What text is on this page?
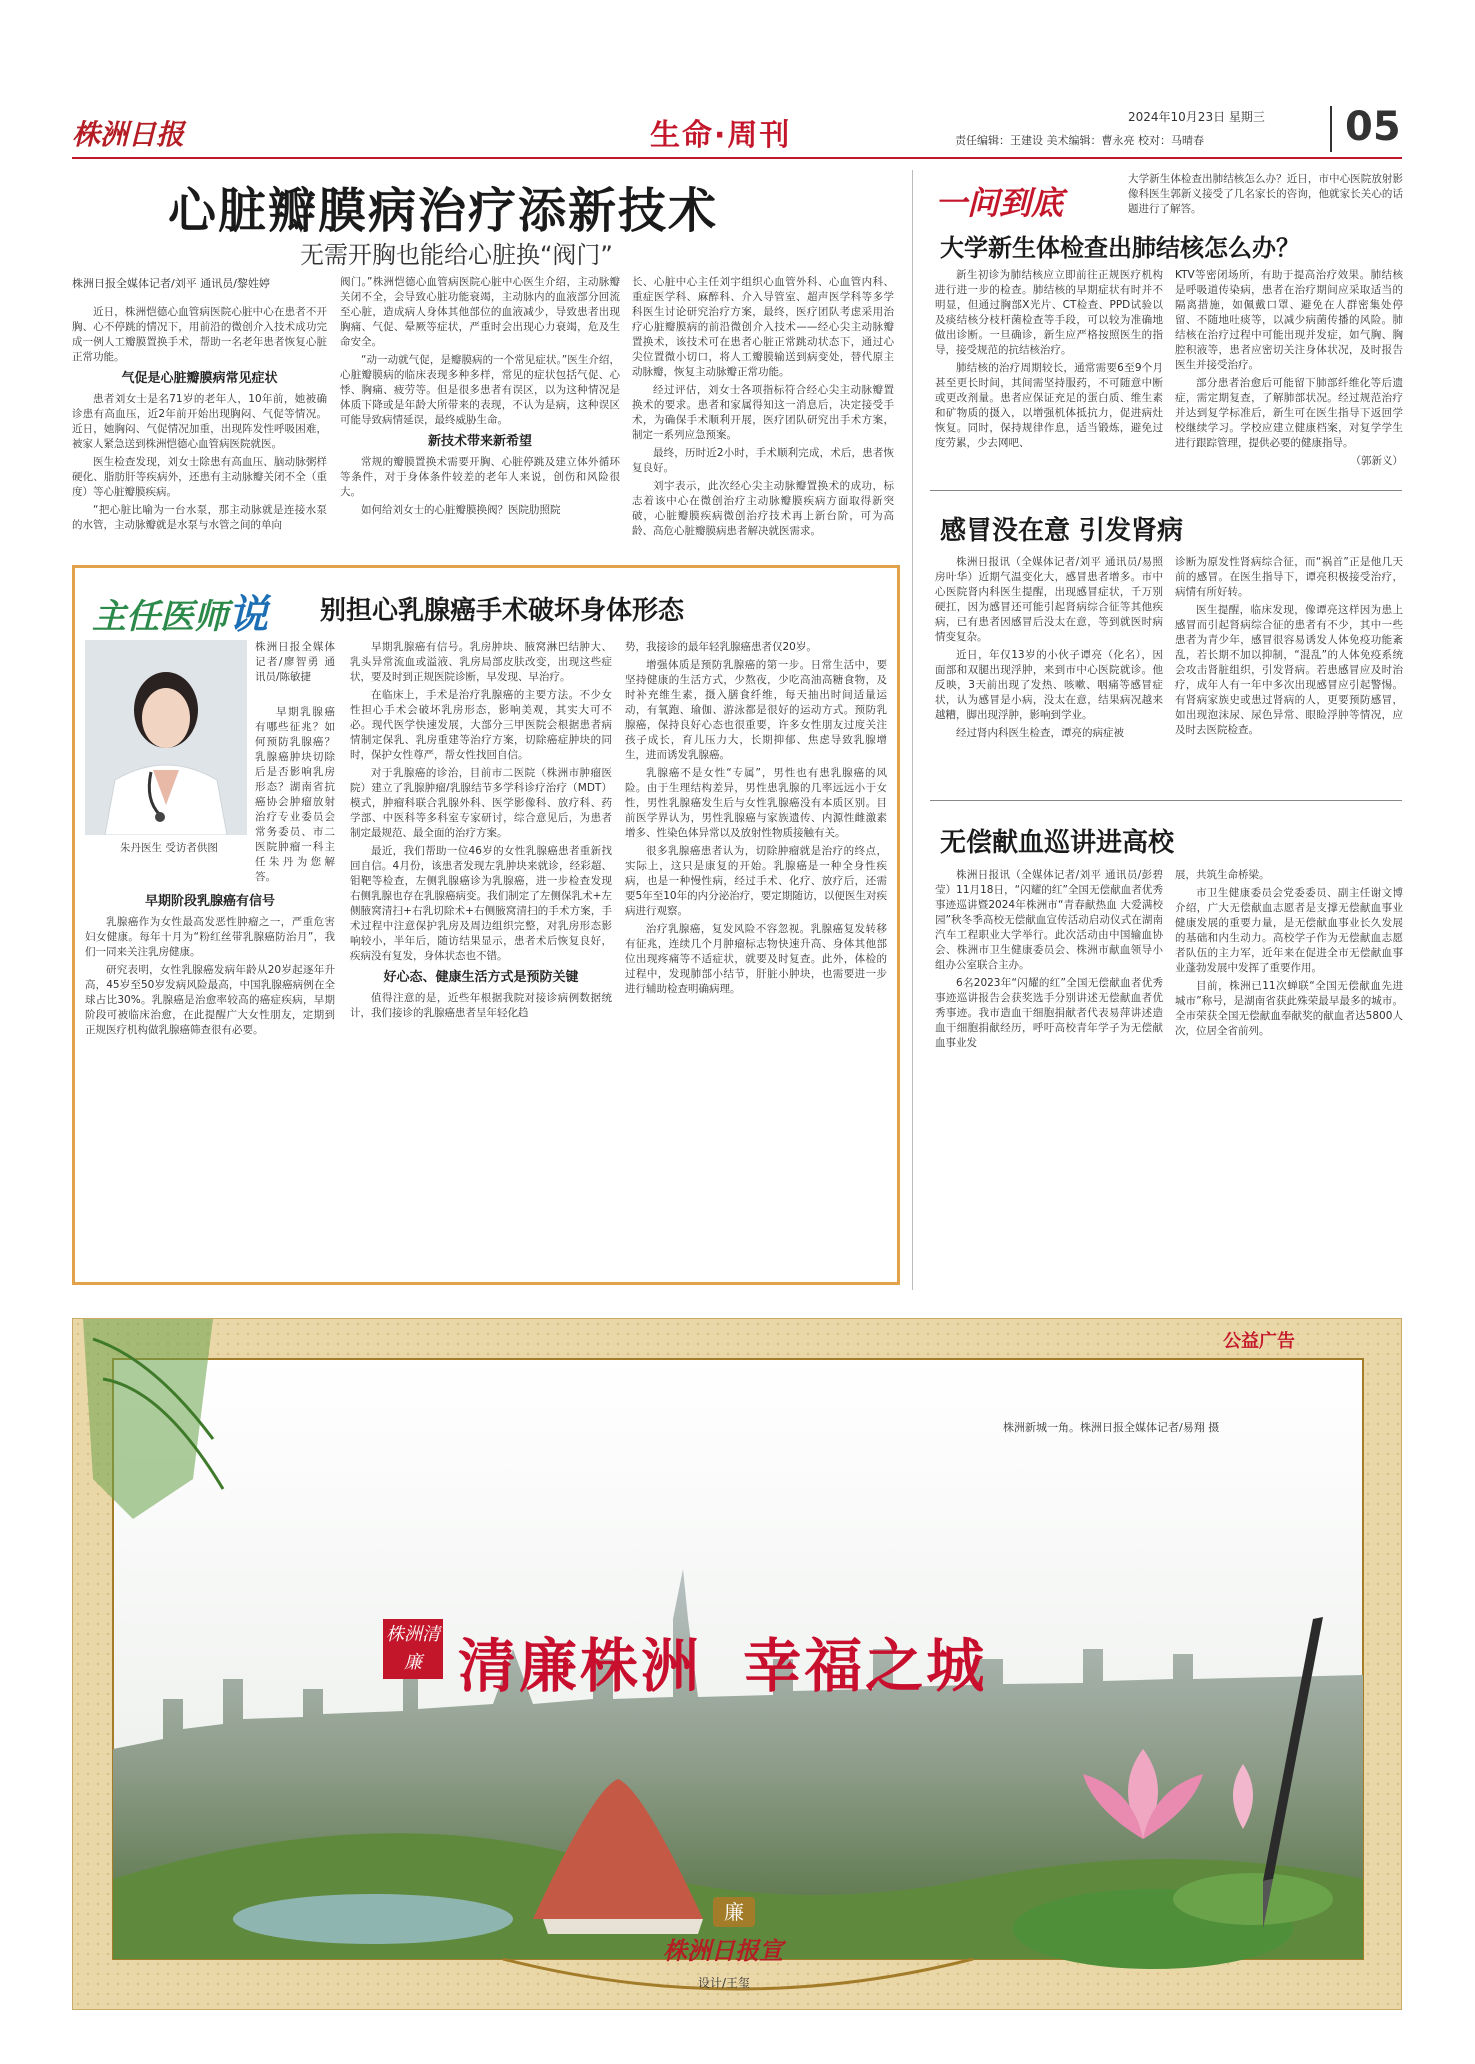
株洲日报	生命·周刊
2024年10月23日 星期三
责任编辑：王建设 美术编辑：曹永亮 校对：马晴春	05
心脏瓣膜病治疗添新技术
无需开胸也能给心脏换“阀门”
株洲日报全媒体记者/刘平 通讯员/黎姓婷

近日，株洲恺德心血管病医院心脏中心在患者不开胸、心不停跳的情况下，用前沿的微创介入技术成功完成一例人工瓣膜置换手术，帮助一名老年患者恢复心脏正常功能。

气促是心脏瓣膜病常见症状

患者刘女士是名71岁的老年人，10年前，她被确诊患有高血压，近2年前开始出现胸闷、气促等情况。近日，她胸闷、气促情况加重，出现阵发性呼吸困难，被家人紧急送到株洲恺德心血管病医院就医。

医生检查发现，刘女士除患有高血压、脑动脉粥样硬化、脂肪肝等疾病外，还患有主动脉瓣关闭不全（重度）等心脏瓣膜疾病。

“把心脏比喻为一台水泵，那主动脉就是连接水泵的水管，主动脉瓣就是水泵与水管之间的单向

阀门。”株洲恺德心血管病医院心脏中心医生介绍，主动脉瓣关闭不全，会导致心脏功能衰竭，主动脉内的血液部分回流至心脏，造成病人身体其他部位的血液减少，导致患者出现胸痛、气促、晕厥等症状，严重时会出现心力衰竭，危及生命安全。

“动一动就气促，是瓣膜病的一个常见症状。”医生介绍，心脏瓣膜病的临床表现多种多样，常见的症状包括气促、心悸、胸痛、疲劳等。但是很多患者有误区，以为这种情况是体质下降或是年龄大所带来的表现，不认为是病，这种误区可能导致病情延误，最终威胁生命。

新技术带来新希望

常规的瓣膜置换术需要开胸、心脏停跳及建立体外循环等条件，对于身体条件较差的老年人来说，创伤和风险很大。

如何给刘女士的心脏瓣膜换阀？医院肋照院

长、心脏中心主任刘宇组织心血管外科、心血管内科、重症医学科、麻醉科、介入导管室、超声医学科等多学科医生讨论研究治疗方案，最终，医疗团队考虑采用治疗心脏瓣膜病的前沿微创介入技术——经心尖主动脉瓣置换术，该技术可在患者心脏正常跳动状态下，通过心尖位置微小切口，将人工瓣膜输送到病变处，替代原主动脉瓣，恢复主动脉瓣正常功能。

经过评估，刘女士各项指标符合经心尖主动脉瓣置换术的要求。患者和家属得知这一消息后，决定接受手术，为确保手术顺利开展，医疗团队研究出手术方案，制定一系列应急预案。

最终，历时近2小时，手术顺利完成，术后，患者恢复良好。

刘宇表示，此次经心尖主动脉瓣置换术的成功，标志着该中心在微创治疗主动脉瓣膜疾病方面取得新突破，心脏瓣膜疾病微创治疗技术再上新台阶，可为高龄、高危心脏瓣膜病患者解决就医需求。

一问到底
大学新生体检查出肺结核怎么办？近日，市中心医院放射影像科医生郭新义接受了几名家长的咨询，他就家长关心的话题进行了解答。
大学新生体检查出肺结核怎么办？

新生初诊为肺结核应立即前往正规医疗机构进行进一步的检查。肺结核的早期症状有时并不明显，但通过胸部X光片、CT检查、PPD试验以及痰结核分枝杆菌检查等手段，可以较为准确地做出诊断。一旦确诊，新生应严格按照医生的指导，接受规范的抗结核治疗。

肺结核的治疗周期较长，通常需要6至9个月甚至更长时间，其间需坚持服药，不可随意中断或更改剂量。患者应保证充足的蛋白质、维生素和矿物质的摄入，以增强机体抵抗力，促进病灶恢复。同时，保持规律作息，适当锻炼，避免过度劳累，少去网吧、

KTV等密闭场所，有助于提高治疗效果。肺结核是呼吸道传染病，患者在治疗期间应采取适当的隔离措施，如佩戴口罩、避免在人群密集处停留、不随地吐痰等，以减少病菌传播的风险。肺结核在治疗过程中可能出现并发症，如气胸、胸腔积液等，患者应密切关注身体状况，及时报告医生并接受治疗。

部分患者治愈后可能留下肺部纤维化等后遗症，需定期复查，了解肺部状况。经过规范治疗并达到复学标准后，新生可在医生指导下返回学校继续学习。学校应建立健康档案，对复学学生进行跟踪管理，提供必要的健康指导。

（郭新义）
感冒没在意 引发肾病

株洲日报讯（全媒体记者/刘平 通讯员/易照 房叶华）近期气温变化大，感冒患者增多。市中心医院肾内科医生提醒，出现感冒症状，千万别硬扛，因为感冒还可能引起肾病综合征等其他疾病，已有患者因感冒后没太在意，等到就医时病情变复杂。

近日，年仅13岁的小伙子谭亮（化名），因面部和双腿出现浮肿，来到市中心医院就诊。他反映，3天前出现了发热、咳嗽、咽痛等感冒症状，认为感冒是小病，没太在意，结果病况越来越糟，脚出现浮肿，影响到学业。

经过肾内科医生检查，谭亮的病症被

诊断为原发性肾病综合征，而“祸首”正是他几天前的感冒。在医生指导下，谭亮积极接受治疗，病情有所好转。

医生提醒，临床发现，像谭亮这样因为患上感冒而引起肾病综合征的患者有不少，其中一些患者为青少年，感冒很容易诱发人体免疫功能紊乱，若长期不加以抑制，“混乱”的人体免疫系统会攻击肾脏组织，引发肾病。若患感冒应及时治疗，成年人有一年中多次出现感冒应引起警惕。有肾病家族史或患过肾病的人，更要预防感冒，如出现泡沫尿、尿色异常、眼睑浮肿等情况，应及时去医院检查。

无偿献血巡讲进高校

株洲日报讯（全媒体记者/刘平 通讯员/彭碧莹）11月18日，“闪耀的红”全国无偿献血者优秀事迹巡讲暨2024年株洲市“青春献热血 大爱满校园”秋冬季高校无偿献血宣传活动启动仪式在湖南汽车工程职业大学举行。此次活动由中国输血协会、株洲市卫生健康委员会、株洲市献血领导小组办公室联合主办。

6名2023年“闪耀的红”全国无偿献血者优秀事迹巡讲报告会获奖选手分别讲述无偿献血者优秀事迹。我市造血干细胞捐献者代表易萍讲述造血干细胞捐献经历，呼吁高校青年学子为无偿献血事业发

展，共筑生命桥梁。

市卫生健康委员会党委委员、副主任谢文博介绍，广大无偿献血志愿者是支撑无偿献血事业健康发展的重要力量，是无偿献血事业长久发展的基础和内生动力。高校学子作为无偿献血志愿者队伍的主力军，近年来在促进全市无偿献血事业蓬勃发展中发挥了重要作用。

目前，株洲已11次蝉联“全国无偿献血先进城市”称号，是湖南省获此殊荣最早最多的城市。全市荣获全国无偿献血奉献奖的献血者达5800人次，位居全省前列。

主任医师说 别担心乳腺癌手术破坏身体形态
朱丹医生 受访者供图
株洲日报全媒体记者/廖智勇 通讯员/陈敏捷

早期乳腺癌有哪些征兆？如何预防乳腺癌？乳腺癌肿块切除后是否影响乳房形态？湖南省抗癌协会肿瘤放射治疗专业委员会常务委员、市二医院肿瘤一科主任朱丹为您解答。

早期阶段乳腺癌有信号

乳腺癌作为女性最高发恶性肿瘤之一，严重危害妇女健康。每年十月为“粉红丝带乳腺癌防治月”，我们一同来关注乳房健康。

研究表明，女性乳腺癌发病年龄从20岁起逐年升高，45岁至50岁发病风险最高，中国乳腺癌病例在全球占比30%。乳腺癌是治愈率较高的癌症疾病，早期阶段可被临床治愈，在此提醒广大女性朋友，定期到正规医疗机构做乳腺癌筛查很有必要。

早期乳腺癌有信号。乳房肿块、腋窝淋巴结肿大、乳头异常流血或溢液、乳房局部皮肤改变，出现这些症状，要及时到正规医院诊断，早发现、早治疗。

在临床上，手术是治疗乳腺癌的主要方法。不少女性担心手术会破坏乳房形态，影响美观，其实大可不必。现代医学快速发展，大部分三甲医院会根据患者病情制定保乳、乳房重建等治疗方案，切除癌症肿块的同时，保护女性尊严，帮女性找回自信。

对于乳腺癌的诊治，目前市二医院（株洲市肿瘤医院）建立了乳腺肿瘤/乳腺结节多学科诊疗治疗（MDT）模式，肿瘤科联合乳腺外科、医学影像科、放疗科、药学部、中医科等多科室专家研讨，综合意见后，为患者制定最规范、最全面的治疗方案。

最近，我们帮助一位46岁的女性乳腺癌患者重新找回自信。4月份，该患者发现左乳肿块来就诊，经彩超、钼靶等检查，左侧乳腺癌诊为乳腺癌，进一步检查发现右侧乳腺也存在乳腺癌病变。我们制定了左侧保乳术+左侧腋窝清扫+右乳切除术+右侧腋窝清扫的手术方案，手术过程中注意保护乳房及周边组织完整，对乳房形态影响较小，半年后，随访结果显示，患者术后恢复良好，疾病没有复发，身体状态也不错。

好心态、健康生活方式是预防关键

值得注意的是，近些年根据我院对接诊病例数据统计，我们接诊的乳腺癌患者呈年轻化趋

势，我接诊的最年轻乳腺癌患者仅20岁。

增强体质是预防乳腺癌的第一步。日常生活中，要坚持健康的生活方式，少熬夜，少吃高油高糖食物，及时补充维生素，摄入膳食纤维，每天抽出时间适量运动，有氧跑、瑜伽、游泳都是很好的运动方式。预防乳腺癌，保持良好心态也很重要，许多女性朋友过度关注孩子成长，育儿压力大，长期抑郁、焦虑导致乳腺增生，进而诱发乳腺癌。

乳腺癌不是女性“专属”，男性也有患乳腺癌的风险。由于生理结构差异，男性患乳腺的几率远远小于女性，男性乳腺癌发生后与女性乳腺癌没有本质区别。目前医学界认为，男性乳腺癌与家族遗传、内源性雌激素增多、性染色体异常以及放射性物质接触有关。

很多乳腺癌患者认为，切除肿瘤就是治疗的终点，实际上，这只是康复的开始。乳腺癌是一种全身性疾病，也是一种慢性病，经过手术、化疗、放疗后，还需要5年至10年的内分泌治疗，要定期随访，以便医生对疾病进行观察。

治疗乳腺癌，复发风险不容忽视。乳腺癌复发转移有征兆，连续几个月肿瘤标志物快速升高、身体其他部位出现疼痛等不适症状，就要及时复查。此外，体检的过程中，发现肺部小结节，肝脏小肿块，也需要进一步进行辅助检查明确病理。

公益广告
株洲新城一角。株洲日报全媒体记者/易翔 摄
株洲清廉 清廉株洲 幸福之城
廉
株洲日报宣
设计/王玺
